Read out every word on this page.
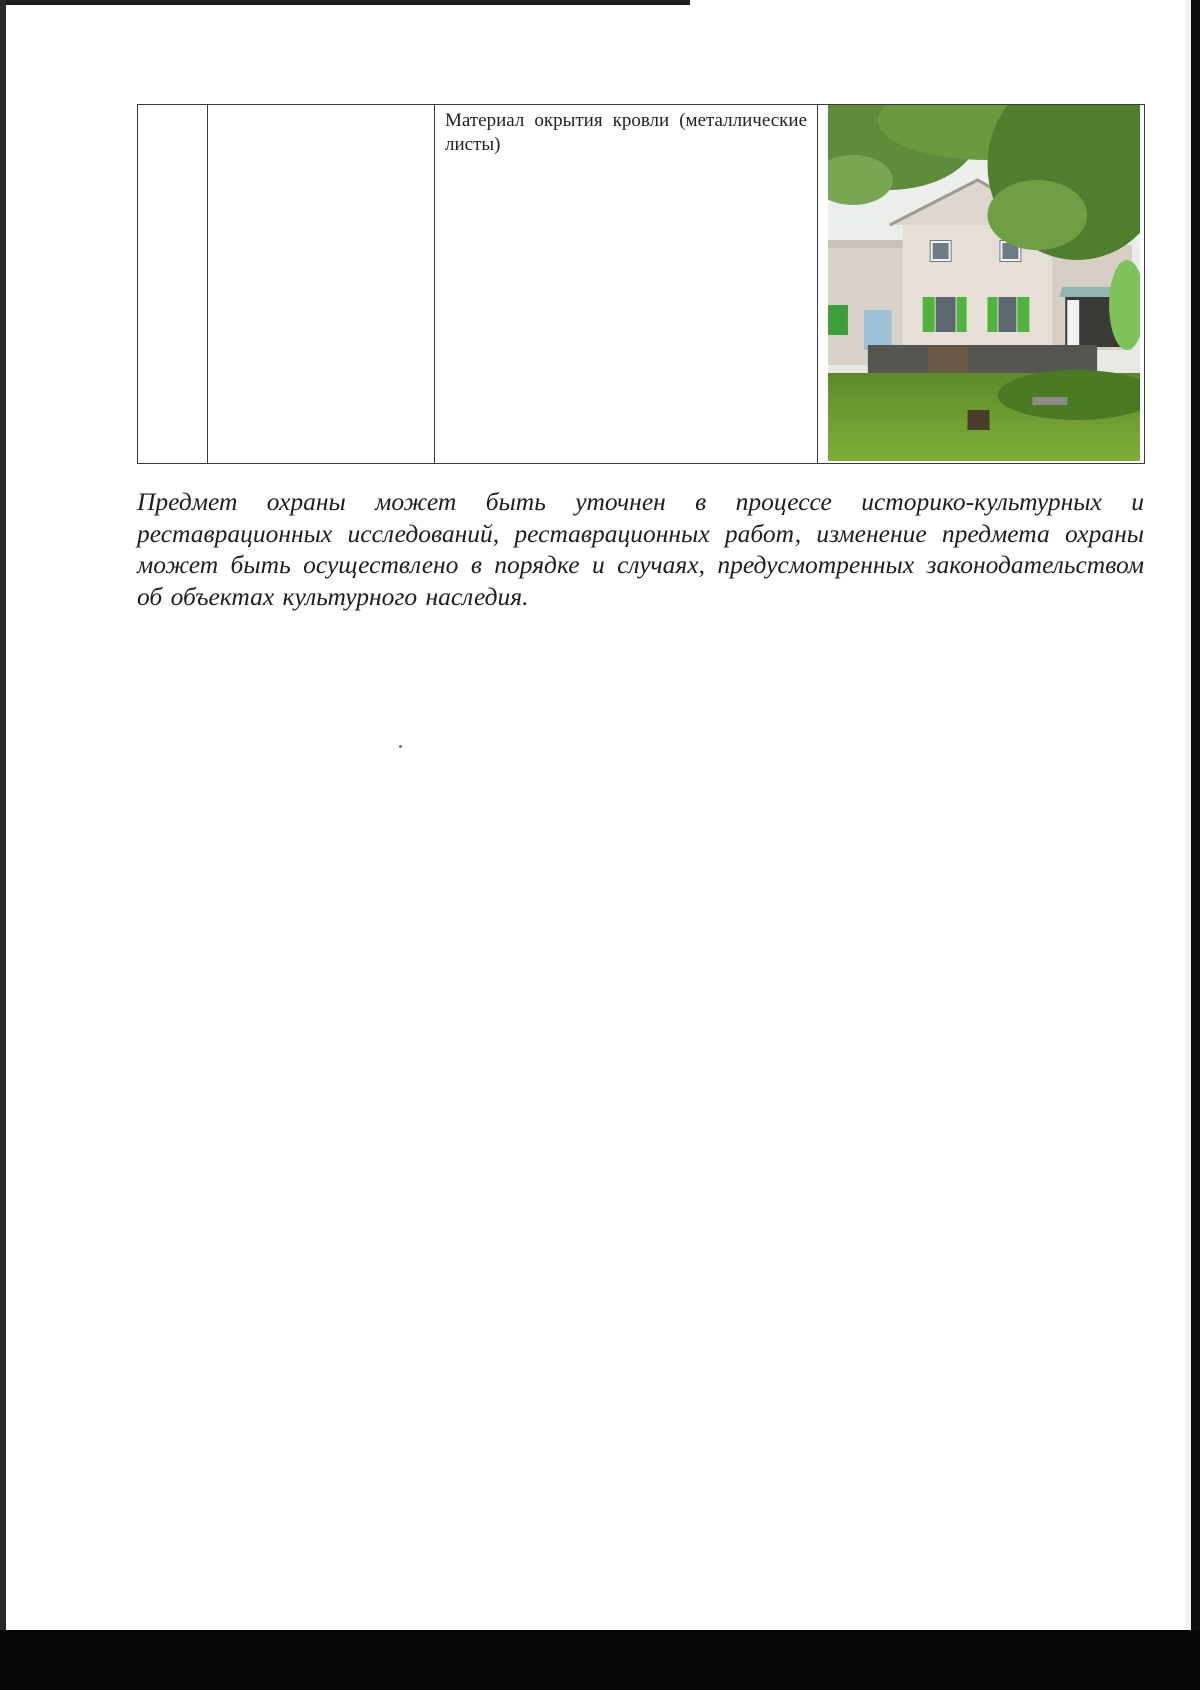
Материал окрытия кровли (металлические листы)

Предмет охраны может быть уточнен в процессе историко-культурных и реставрационных исследований, реставрационных работ, изменение предмета охраны может быть осуществлено в порядке и случаях, предусмотренных законодательством об объектах культурного наследия.
